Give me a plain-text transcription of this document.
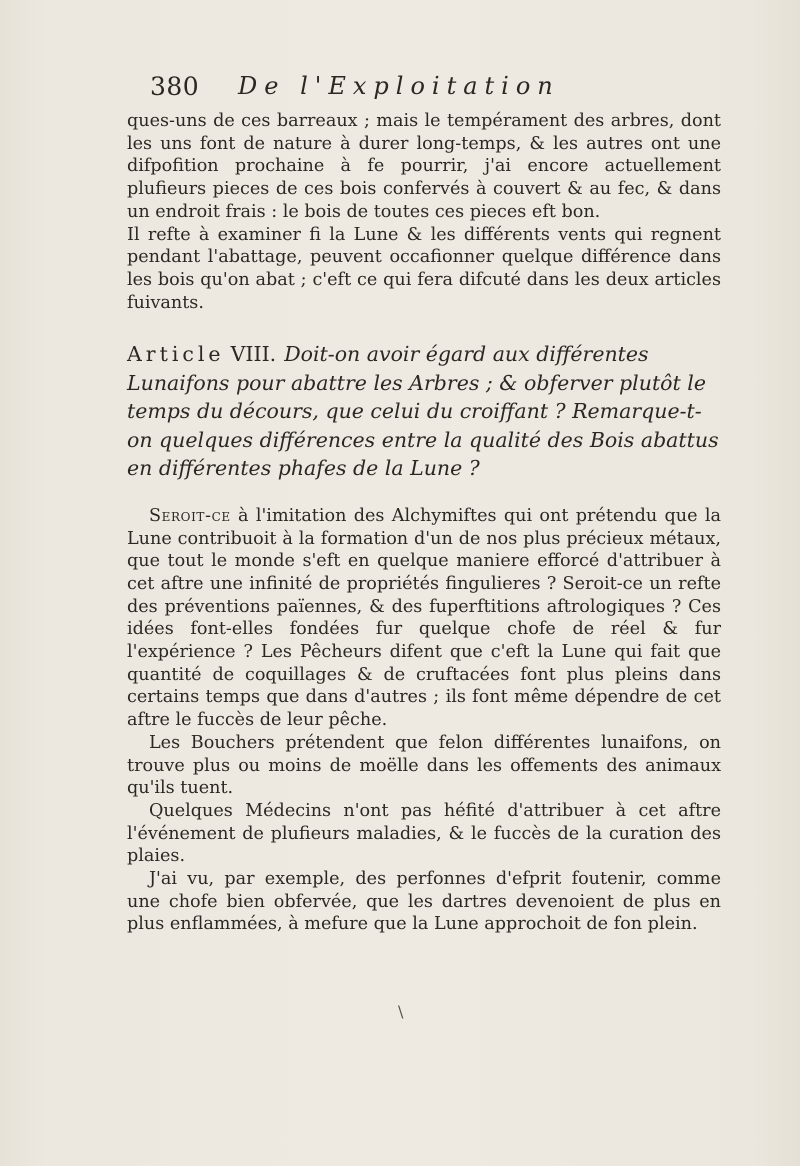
380 De l'Exploitation

ques-uns de ces barreaux ; mais le tempérament des arbres, dont les uns font de nature à durer long-temps, & les autres ont une difpofition prochaine à fe pourrir, j'ai encore actuellement plufieurs pieces de ces bois confervés à couvert & au fec, & dans un endroit frais : le bois de toutes ces pieces eft bon.

Il refte à examiner fi la Lune & les différents vents qui regnent pendant l'abattage, peuvent occafionner quelque différence dans les bois qu'on abat ; c'eft ce qui fera difcuté dans les deux articles fuivants.

Article VIII. Doit-on avoir égard aux différentes Lunaifons pour abattre les Arbres ; & obferver plutôt le temps du décours, que celui du croiffant ? Remarque-t-on quelques différences entre la qualité des Bois abattus en différentes phafes de la Lune ?

Seroit-ce à l'imitation des Alchymiftes qui ont prétendu que la Lune contribuoit à la formation d'un de nos plus précieux métaux, que tout le monde s'eft en quelque maniere efforcé d'attribuer à cet aftre une infinité de propriétés fingulieres ? Seroit-ce un refte des préventions païennes, & des fuperftitions aftrologiques ? Ces idées font-elles fondées fur quelque chofe de réel & fur l'expérience ? Les Pêcheurs difent que c'eft la Lune qui fait que quantité de coquillages & de cruftacées font plus pleins dans certains temps que dans d'autres ; ils font même dépendre de cet aftre le fuccès de leur pêche.

Les Bouchers prétendent que felon différentes lunaifons, on trouve plus ou moins de moëlle dans les offements des animaux qu'ils tuent.

Quelques Médecins n'ont pas héfité d'attribuer à cet aftre l'événement de plufieurs maladies, & le fuccès de la curation des plaies.

J'ai vu, par exemple, des perfonnes d'efprit foutenir, comme une chofe bien obfervée, que les dartres devenoient de plus en plus enflammées, à mefure que la Lune approchoit de fon plein.

\
